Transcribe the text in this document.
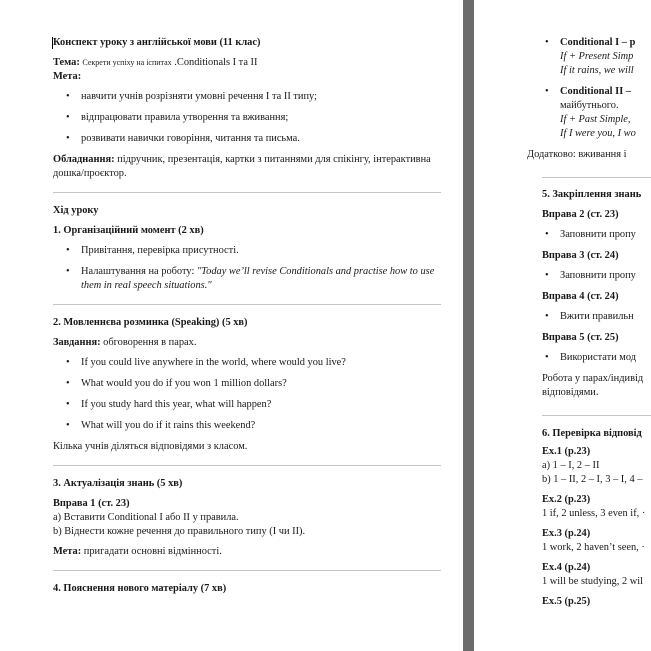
Конспект уроку з англійської мови (11 клас)

Тема: Секрети успіху на іспитах .Conditionals I та II

Мета:

• навчити учнів розрізняти умовні речення I та II типу;
• відпрацювати правила утворення та вживання;
• розвивати навички говоріння, читання та письма.

Обладнання: підручник, презентація, картки з питаннями для спікінгу, інтерактивна дошка/проєктор.

Хід уроку

1. Організаційний момент (2 хв)

• Привітання, перевірка присутності.
• Налаштування на роботу: "Today we’ll revise Conditionals and practise how to use them in real speech situations."

2. Мовленнєва розминка (Speaking) (5 хв)

Завдання: обговорення в парах.

• If you could live anywhere in the world, where would you live?
• What would you do if you won 1 million dollars?
• If you study hard this year, what will happen?
• What will you do if it rains this weekend?

Кілька учнів діляться відповідями з класом.

3. Актуалізація знань (5 хв)

Вправа 1 (ст. 23)

а) Вставити Conditional I або II у правила.

b) Віднести кожне речення до правильного типу (I чи II).

Мета: пригадати основні відмінності.

4. Пояснення нового матеріалу (7 хв)

• Conditional I – р
If + Present Simp
If it rains, we will
• Conditional II –
майбутнього.
If + Past Simple,
If I were you, I wo

Додатково: вживання і

5. Закріплення знань

Вправа 2 (ст. 23)

• Заповнити пропу

Вправа 3 (ст. 24)

• Заповнити пропу

Вправа 4 (ст. 24)

• Вжити правильн

Вправа 5 (ст. 25)

• Використати мод

Робота у парах/індивід

відповідями.

6. Перевірка відповід

Ex.1 (p.23)

a) 1 – I, 2 – II

b) 1 – II, 2 – I, 3 – I, 4 –

Ex.2 (p.23)

1 if, 2 unless, 3 even if, ·

Ex.3 (p.24)

1 work, 2 haven’t seen, ·

Ex.4 (p.24)

1 will be studying, 2 wil

Ex.5 (p.25)
